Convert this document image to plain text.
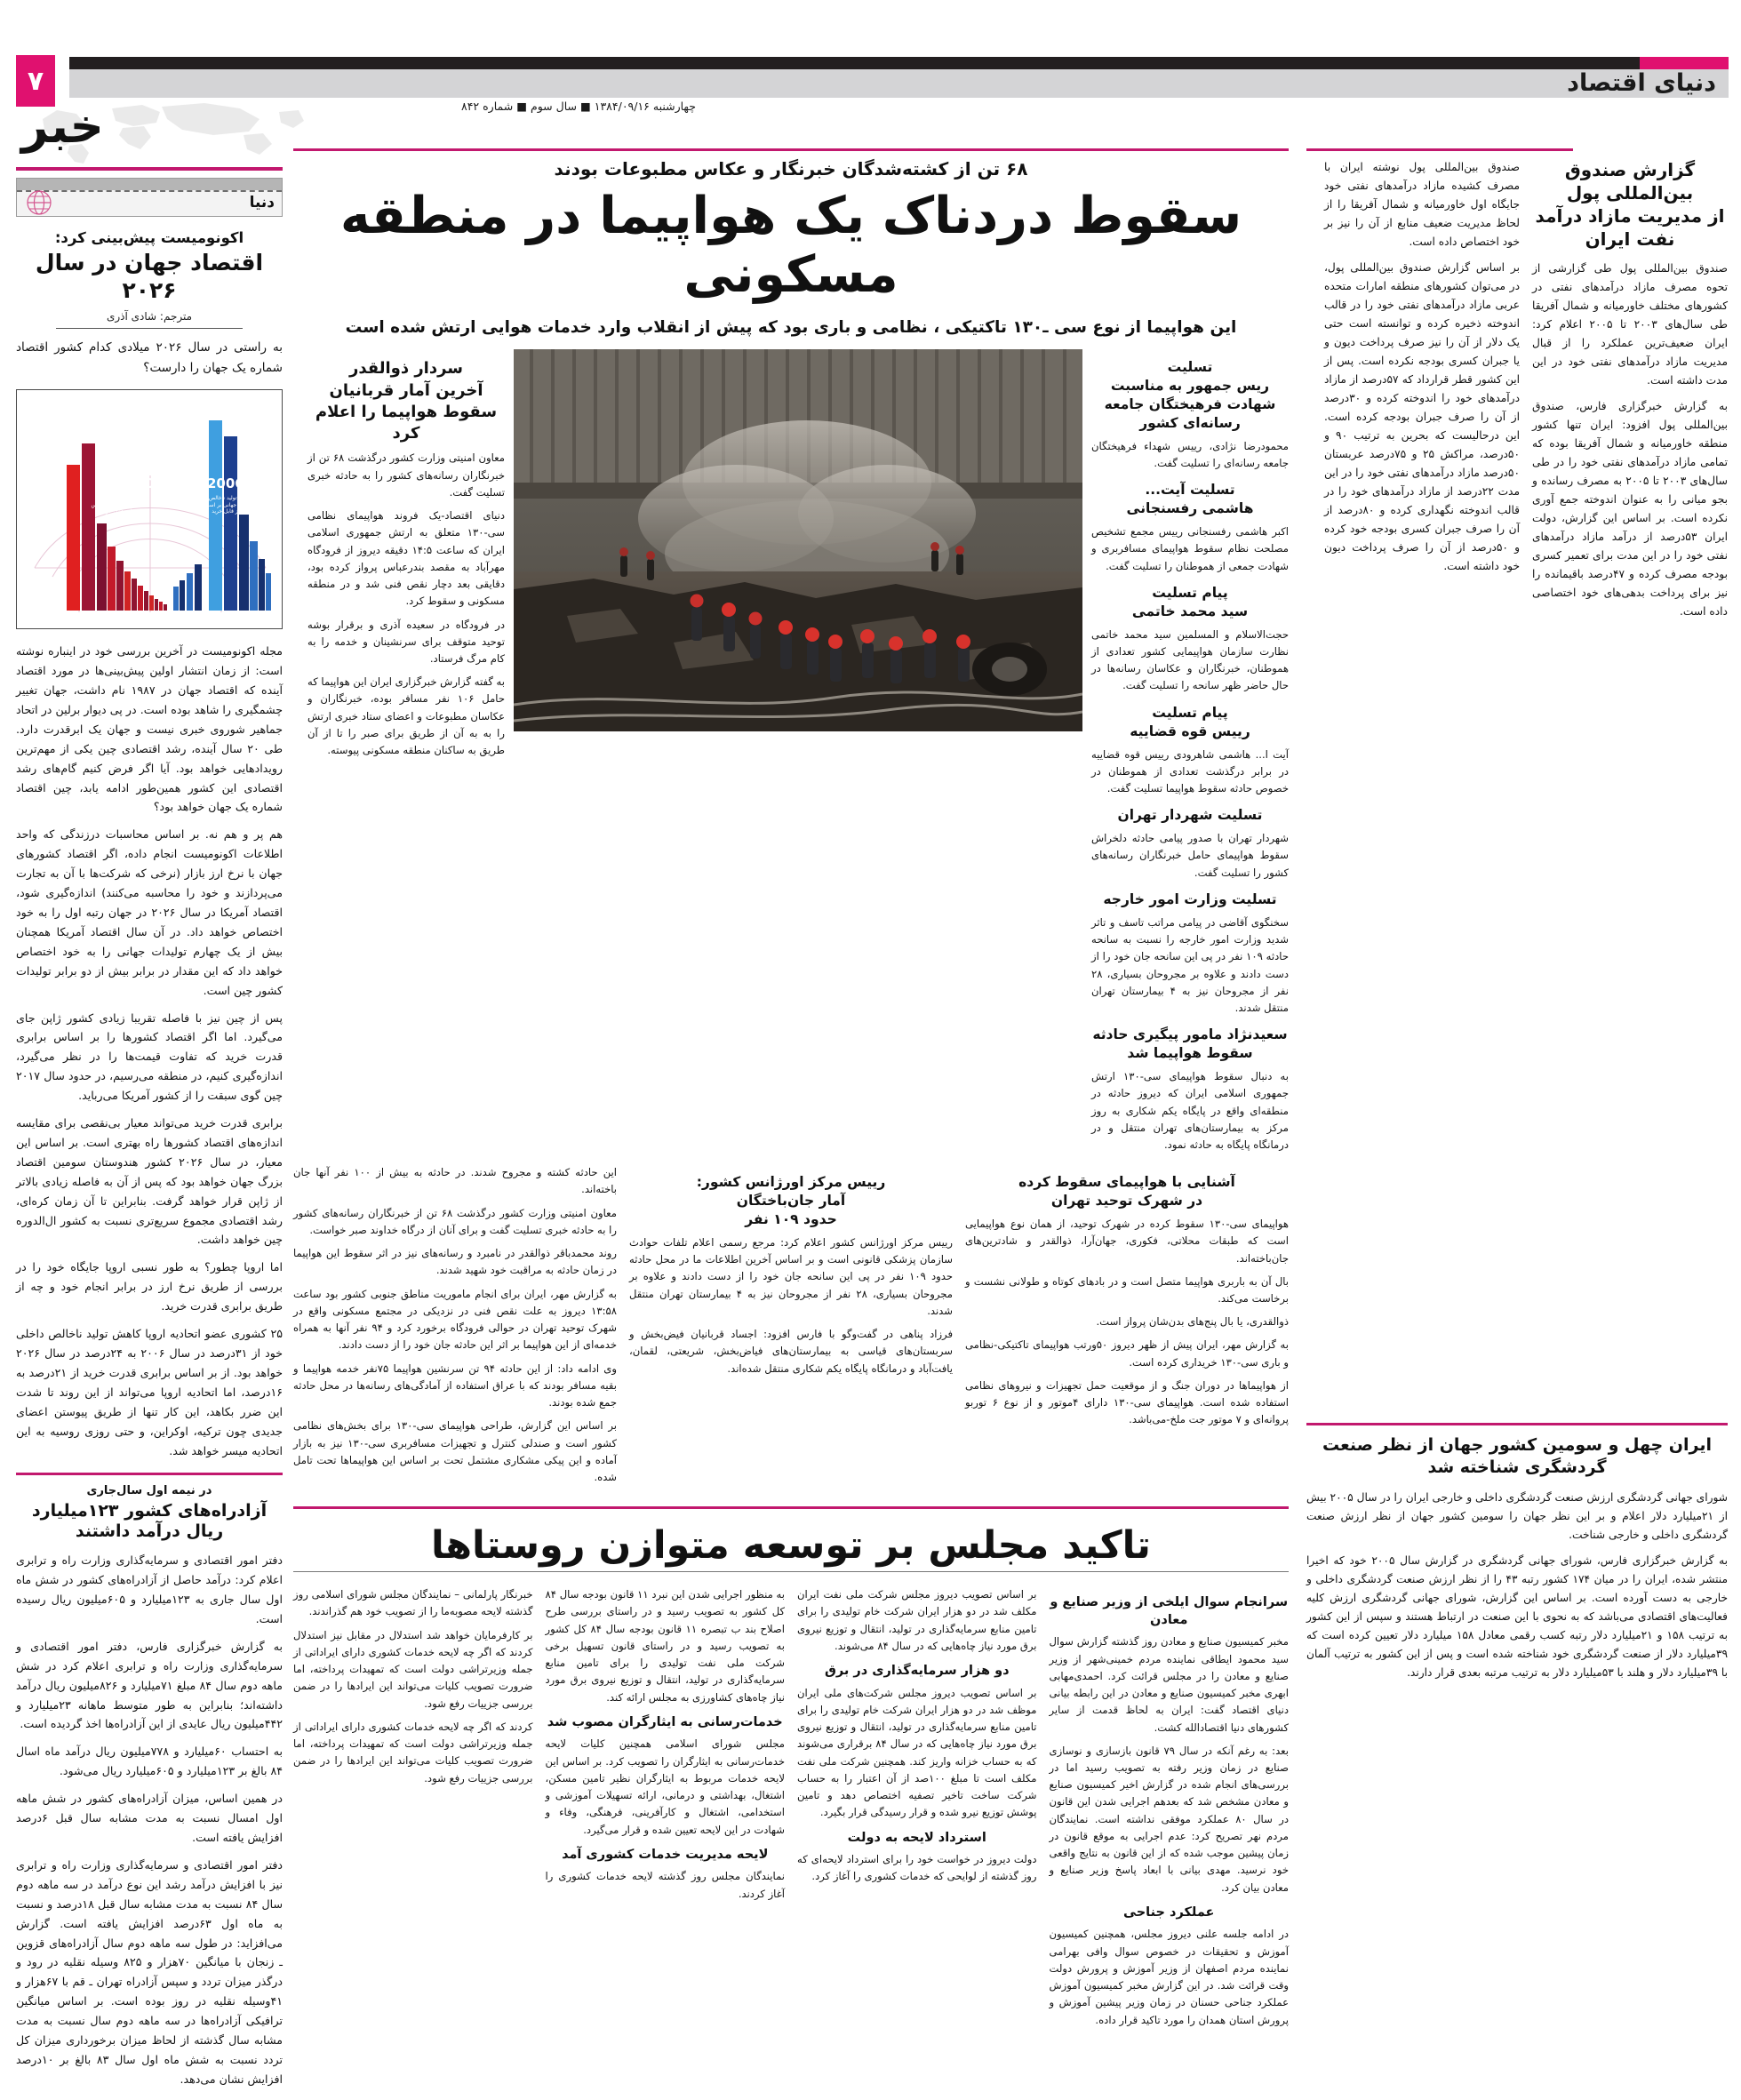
۷	دنیای اقتصاد
خبر	چهارشنبه ۱۳۸۴/۰۹/۱۶ ■ سال سوم ■ شماره ۸۴۲
دنیا
اکونومیست پیش‌بینی کرد:
اقتصاد جهان در سال ۲۰۲۶
مترجم: شادی آذری
به راستی در سال ۲۰۲۶ میلادی کدام کشور اقتصاد شماره یک جهان را دارست؟
20062026
قدرت تولید ناخالص داخلی جهانی بر اساس نرخ ارز قابل خرید
20062026
قدرت تولید ناخالص داخلی جهانی بر اساس نرخ ارز قابل خرید

مجله اکونومیست در آخرین بررسی خود در اینباره نوشته است: از زمان انتشار اولین پیش‌بینی‌ها در مورد اقتصاد آینده که اقتصاد جهان در ۱۹۸۷ نام داشت، جهان تغییر چشمگیری را شاهد بوده است. در پی دیوار برلین در اتحاد جماهیر شوروی خبری نیست و جهان یک ابرقدرت دارد. طی ۲۰ سال آینده، رشد اقتصادی چین یکی از مهم‌ترین رویدادهایی خواهد بود. آیا اگر فرض کنیم گام‌های رشد اقتصادی این کشور همین‌طور ادامه یابد، چین اقتصاد شماره یک جهان خواهد بود؟

هم پر و هم نه. بر اساس محاسبات درزندگی که واحد اطلاعات اکونومیست انجام داده، اگر اقتصاد کشورهای جهان با نرخ ارز بازار (نرخی که شرکت‌ها با آن به تجارت می‌پردازند و خود را محاسبه می‌کنند) اندازه‌گیری شود، اقتصاد آمریکا در سال ۲۰۲۶ در جهان رتبه اول را به خود اختصاص خواهد داد. در آن سال اقتصاد آمریکا همچنان بیش از یک چهارم تولیدات جهانی را به خود اختصاص خواهد داد که این مقدار در برابر بیش از دو برابر تولیدات کشور چین است.

پس از چین نیز با فاصله تقریبا زیادی کشور ژاپن جای می‌گیرد. اما اگر اقتصاد کشورها را بر اساس برابری قدرت خرید که تفاوت قیمت‌ها را در نظر می‌گیرد، اندازه‌گیری کنیم، در منطقه می‌رسیم، در حدود سال ۲۰۱۷ چین گوی سبقت را از کشور آمریکا می‌رباید.

برابری قدرت خرید می‌تواند معیار بی‌نقصی برای مقایسه اندازه‌های اقتصاد کشورها راه بهتری است. بر اساس این معیار، در سال ۲۰۲۶ کشور هندوستان سومین اقتصاد بزرگ جهان خواهد بود که پس از آن به فاصله زیادی بالاتر از ژاپن قرار خواهد گرفت. بنابراین تا آن زمان کره‌ای، رشد اقتصادی مجموع سریع‌تری نسبت به کشور ال‌الدوره چین خواهد داشت.

اما اروپا چطور؟ به طور نسبی اروپا جایگاه خود را در بررسی از طریق نرخ ارز در برابر انجام خود و چه از طریق برابری قدرت خرید.

۲۵ کشوری عضو اتحادیه اروپا کاهش تولید ناخالص داخلی خود از ۳۱درصد در سال ۲۰۰۶ به ۲۴درصد در سال ۲۰۲۶ خواهد بود. از بر اساس برابری قدرت خرید از ۲۱درصد به ۱۶درصد، اما اتحادیه اروپا می‌تواند از این روند تا شدت این ضرر بکاهد، این کار تنها از طریق پیوستن اعضای جدیدی چون ترکیه، اوکراین، و حتی روزی روسیه به این اتحادیه میسر خواهد شد.

در نیمه اول سال‌جاری
آزادراه‌های کشور ۱۲۳میلیارد ریال درآمد داشتند

دفتر امور اقتصادی و سرمایه‌گذاری وزارت راه و ترابری اعلام کرد: درآمد حاصل از آزادراه‌های کشور در شش ماه اول سال جاری به ۱۲۳میلیارد و ۶۰۵میلیون ریال رسیده است.

به گزارش خبرگزاری فارس، دفتر امور اقتصادی و سرمایه‌گذاری وزارت راه و ترابری اعلام کرد در شش ماهه دوم سال ۸۴ مبلغ ۷۱میلیارد و ۸۲۶میلیون ریال درآمد داشته‌اند؛ بنابراین به طور متوسط ماهانه ۲۳میلیارد و ۴۴۲میلیون ریال عایدی از این آزادراه‌ها اخذ گردیده است.

به احتساب ۶۰میلیارد و ۷۷۸میلیون ریال درآمد ماه اسال ۸۴ بالغ بر ۱۲۳میلیارد و ۶۰۵میلیارد ریال می‌شود.

در همین اساس، میزان آزادراه‌های کشور در شش ماهه اول امسال نسبت به مدت مشابه سال قبل ۶درصد افزایش یافته است.

دفتر امور اقتصادی و سرمایه‌گذاری وزارت راه و ترابری نیز با افزایش درآمد رشد این نوع درآمد در سه ماهه دوم سال ۸۴ نسبت به مدت مشابه سال قبل ۱۸درصد و نسبت به ماه اول ۶۳درصد افزایش یافته است. گزارش می‌افزاید: در طول سه ماهه دوم سال آزادراه‌های قزوین ـ زنجان با میانگین ۷۰هزار و ۸۲۵ وسیله نقلیه در رود و درگذر میزان تردد و سپس آزادراه تهران ـ قم با ۶۷هزار و ۴۱وسیله نقلیه در روز بوده است. بر اساس میانگین ترافیکی آزادراه‌ها در سه ماهه دوم سال نسبت به مدت مشابه سال گذشته از لحاظ میزان برخورداری میزان کل تردد نسبت به شش ماه اول سال ۸۳ بالغ بر ۱۰درصد افزایش نشان می‌دهد.

۶۸ تن از کشته‌شدگان خبرنگار و عکاس مطبوعات بودند
سقوط دردناک یک هواپیما در منطقه مسکونی
این هواپیما از نوع سی ـ۱۳۰ تاکتیکی ، نظامی و باری بود که پیش از انقلاب وارد خدمات هوایی ارتش شده است
تسلیت
ریس جمهور به مناسبت شهادت فرهیختگان جامعه رسانه‌ای کشور
محمودرضا نژادی، رییس شهداء فرهیختگان جامعه رسانه‌ای را تسلیت گفت.
تسلیت آیت...
هاشمی رفسنجانی
اکبر هاشمی رفسنجانی رییس مجمع تشخیص مصلحت نظام سقوط هواپیمای مسافربری و شهادت جمعی از هموطنان را تسلیت گفت.
پیام تسلیت
سید محمد خاتمی
حجت‌الاسلام و المسلمین سید محمد خاتمی نظارت سازمان هواپیمایی کشور تعدادی از هموطنان، خبرنگاران و عکاسان رسانه‌ها در حال حاضر ظهر سانحه را تسلیت گفت.
پیام تسلیت
رییس قوه قضاییه
آیت ا... هاشمی شاهرودی رییس قوه قضاییه در برابر درگذشت تعدادی از هموطنان در خصوص حادثه سقوط هواپیما تسلیت گفت.
تسلیت شهردار تهران
شهردار تهران با صدور پیامی حادثه دلخراش سقوط هواپیمای حامل خبرنگاران رسانه‌های کشور را تسلیت گفت.
تسلیت وزارت امور خارجه
سخنگوی آقاضی در پیامی مراتب تاسف و تاثر شدید وزارت امور خارجه را نسبت به سانحه حادثه ۱۰۹ نفر در پی این سانحه جان خود را از دست دادند و علاوه بر مجروحان بسیاری، ۲۸ نفر از مجروحان نیز به ۴ بیمارستان تهران منتقل شدند.
سعیدنژاد مامور پیگیری حادثه سقوط هواپیما شد
به دنبال سقوط هواپیمای سی-۱۳۰ ارتش جمهوری اسلامی ایران که دیروز حادثه در منطقه‌ای واقع در پایگاه یکم شکاری به روز مرکز به بیمارستان‌های تهران منتقل و در درمانگاه پایگاه به حادثه نمود.
سردار ذوالقدر
آخرین آمار قربانیان سقوط هواپیما را اعلام کرد

معاون امنیتی وزارت کشور درگذشت ۶۸ تن از خبرنگاران رسانه‌های کشور را به حادثه خبری تسلیت گفت.

دنیای اقتصاد-یک فروند هواپیمای نظامی سی-۱۳۰ متعلق به ارتش جمهوری اسلامی ایران که ساعت ۱۴:۵ دقیقه دیروز از فرودگاه مهرآباد به مقصد بندرعباس پرواز کرده بود، دقایقی بعد دچار نقص فنی شد و در منطقه مسکونی و سقوط کرد.

در فرودگاه در سعیده آذری و برقرار بوشه توحید متوقف برای سرنشینان و خدمه را به کام مرگ فرستاد.

به گفته گزارش خبرگزاری ایران این هواپیما که حامل ۱۰۶ نفر مسافر بوده، خبرنگاران و عکاسان مطبوعات و اعضای ستاد خبری ارتش را به به آن از طریق برای صبر را تا از آن طریق به ساکنان منطقه مسکونی پیوسته.

آشنایی با هواپیمای سقوط کرده
در شهرک توحید تهران

هواپیمای سی-۱۳۰ سقوط کرده در شهرک توحید، از همان نوع هواپیمایی است که طبقات محلاتی، فکوری، جهان‌آرا، ذوالقدر و شادترین‌های جان‌باخته‌اند.

بال آن به باربری هواپیما متصل است و در بادهای کوتاه و طولانی نشست و برخاست می‌کند.

ذوالقدری، یا بال پنج‌های بدن‌شان پرواز است.

به گزارش مهر، ایران پیش از ظهر دیروز ۵۰ورتب هواپیمای تاکتیکی-نظامی و باری سی-۱۳۰ خریداری کرده است.

از هواپیماها در دوران جنگ و از موقعیت حمل تجهیزات و نیروهای نظامی استفاده شده است. هواپیمای سی-۱۳۰ دارای ۴موتور و از نوع ۶ توربو پروانه‌ای و ۷ موتور جت ملخ-می‌باشد.

رییس مرکز اورژانس کشور:
آمار جان‌باختگان
حدود ۱۰۹ نفر

رییس مرکز اورژانس کشور اعلام کرد: مرجع رسمی اعلام تلفات حوادث سازمان پزشکی قانونی است و بر اساس آخرین اطلاعات ما در محل حادثه حدود ۱۰۹ نفر در پی این سانحه جان خود را از دست دادند و علاوه بر مجروحان بسیاری، ۲۸ نفر از مجروحان نیز به ۴ بیمارستان تهران منتقل شدند.

فرزاد پناهی در گفت‌وگو با فارس افزود: اجساد قربانیان فیض‌بخش و سربستان‌های قیاسی به بیمارستان‌های فیاض‌بخش، شریعتی، لقمان، یافت‌آباد و درمانگاه پایگاه یکم شکاری منتقل شده‌اند.

این حادثه کشته و مجروح شدند. در حادثه به بیش از ۱۰۰ نفر آنها جان باخته‌اند.

معاون امنیتی وزارت کشور درگذشت ۶۸ تن از خبرنگاران رسانه‌های کشور را به حادثه خبری تسلیت گفت و برای آنان از درگاه خداوند صبر خواست.

روند محمدباقر ذوالقدر در نامبرد و رسانه‌های نیز در اثر سقوط این هواپیما در زمان حادثه به مراقبت خود شهید شدند.

به گزارش مهر، ایران برای انجام ماموریت مناطق جنوبی کشور بود ساعت ۱۳:۵۸ دیروز به علت نقص فنی در نزدیکی در مجتمع مسکونی واقع در شهرک توحید تهران در حوالی فرودگاه برخورد کرد و ۹۴ نفر آنها به همراه خدمه‌ای از این هواپیما بر اثر این حادثه جان خود را از دست دادند.

وی ادامه داد: از این حادثه ۹۴ تن سرنشین هواپیما ۷۵نفر خدمه هواپیما و بقیه مسافر بودند که با عراق استفاده از آمادگی‌های رسانه‌ها در محل حادثه جمع شده بودند.

بر اساس این گزارش، طراحی هواپیمای سی-۱۳۰ برای بخش‌های نظامی کشور است و صندلی کنترل و تجهیزات مسافربری سی-۱۳۰ نیز به بازار آماده و این پیکی مشکاری مشتمل تحت بر اساس این هواپیماها تحت تامل شده.

تاکید مجلس بر توسعه متوازن روستاها
سرانجام سوال ایلخی از وزیر صنایع و معادن

مخبر کمیسیون صنایع و معادن روز گذشته گزارش سوال سید محمود ایطاقی نماینده مردم خمینی‌شهر از وزیر صنایع و معادن را در مجلس قرائت کرد. احمدی‌مهابی ابهری مخبر کمیسیون صنایع و معادن در این رابطه بیانی دنیای اقتصاد گفت: ایران به لحاظ قدمت از سایر کشورهای دنیا اقتصادالله کشت.

بعد: به رغم آنکه در سال ۷۹ قانون بازسازی و نوسازی صنایع در زمان وزیر رفته به تصویب رسید اما در بررسی‌های انجام شده در گزارش اخیر کمیسیون صنایع و معادن مشخص شد که بعدهم اجرایی شدن این قانون در سال ۸۰ عملکرد موفقی نداشته است. نمایندگان مردم نهر تصریح کرد: عدم اجرایی به موقع قانون در زمان پیشین موجب شده که از این قانون به نتایج واقعی خود نرسید. مهدی بیانی با ابعاد پاسخ وزیر صنایع و معادن بیان کرد.

عملکرد جناحی

در ادامه جلسه علنی دیروز مجلس، همچنین کمیسیون آموزش و تحقیقات در خصوص سوال وافی بهرامی نماینده مردم اصفهان از وزیر آموزش و پرورش دولت وقت قرائت شد. در این گزارش مخبر کمیسیون آموزش عملکرد جناحی حسنان در زمان وزیر پیشین آموزش و پرورش استان همدان را مورد تاکید قرار داده.

بر اساس تصویب دیروز مجلس شرکت ملی نفت ایران مکلف شد در دو هزار ایران شرکت خام تولیدی را برای تامین منابع سرمایه‌گذاری در تولید، انتقال و توزیع نیروی برق مورد نیاز چاه‌هایی که در سال ۸۴ می‌شوند.

دو هزار سرمایه‌گذاری در برق

بر اساس تصویب دیروز مجلس شرکت‌های ملی ایران موظف شد در دو هزار ایران شرکت خام تولیدی را برای تامین منابع سرمایه‌گذاری در تولید، انتقال و توزیع نیروی برق مورد نیاز چاه‌هایی که در سال ۸۴ برقراری می‌شوند که به حساب خزانه واریز کند. همچنین شرکت ملی نفت مکلف است تا مبلغ ۱۰۰صد از آن اعتبار را به حساب شرکت ساخت تاخیر تصفیه اختصاص دهد و تامین پوشش توزیع نیرو شده و قرار رسیدگی قرار بگیرد.

استرداد لایحه به دولت

دولت دیروز در خواست خود را برای استرداد لایحه‌ای که روز گذشته از لوایحی که خدمات کشوری را آغاز کرد.

به منظور اجرایی شدن این نبرد ۱۱ قانون بودجه سال ۸۴ کل کشور به تصویب رسید و در راستای بررسی طرح اصلاح بند ب تبصره ۱۱ قانون بودجه سال ۸۴ کل کشور به تصویب رسید و در راستای قانون تسهیل برخی شرکت ملی نفت تولیدی را برای تامین منابع سرمایه‌گذاری در تولید، انتقال و توزیع نیروی برق مورد نیاز چاه‌های کشاورزی به مجلس ارائه کند.

خدمات‌رسانی به ایثارگران مصوب شد

مجلس شورای اسلامی همچنین کلیات لایحه خدمات‌رسانی به ایثارگران را تصویب کرد. بر اساس این لایحه خدمات مربوط به ایثارگران نظیر تامین مسکن، اشتغال، بهداشتی و درمانی، ارائه تسهیلات آموزشی و استخدامی، اشتغال و کارآفرینی، فرهنگی، وفاء و شهادت در این لایحه تعیین شده و قرار می‌گیرد.

لایحه مدیریت خدمات کشوری آمد

نمایندگان مجلس روز گذشته لایحه خدمات کشوری را آغاز کردند.

خبرنگار پارلمانی – نمایندگان مجلس شورای اسلامی روز گذشته لایحه مصوبه‌ما را از تصویب خود هم گذراندند.

بر کارفرمایان خواهد شد استدلال در مقابل نیز استدلال کردند که اگر چه لایحه خدمات کشوری دارای ایراداتی از جمله وزیرتراشی دولت است که تمهیدات پرداخته، اما ضرورت تصویب کلیات می‌تواند این ایرادها را در ضمن بررسی جزییات رفع شود.

کردند که اگر چه لایحه خدمات کشوری دارای ایراداتی از جمله وزیرتراشی دولت است که تمهیدات پرداخته، اما ضرورت تصویب کلیات می‌تواند این ایرادها را در ضمن بررسی جزییات رفع شود.

گزارش صندوق بین‌المللی پول
از مدیریت مازاد درآمد نفت ایران

صندوق بین‌المللی پول طی گزارشی از تحوه مصرف مازاد درآمدهای نفتی در کشورهای مختلف خاورمیانه و شمال آفریقا طی سال‌های ۲۰۰۳ تا ۲۰۰۵ اعلام کرد: ایران ضعیف‌ترین عملکرد را از قبال مدیریت مازاد درآمدهای نفتی خود در این مدت داشته است.

به گزارش خبرگزاری فارس، صندوق بین‌المللی پول افزود: ایران تنها کشور منطقه خاورمیانه و شمال آفریقا بوده که تمامی مازاد درآمدهای نفتی خود را در طی سال‌های ۲۰۰۳ تا ۲۰۰۵ به مصرف رسانده و بجو میانی را به عنوان اندوخته جمع آوری نکرده است. بر اساس این گزارش، دولت ایران ۵۳درصد از درآمد مازاد درآمدهای نفتی خود را در این مدت برای تعمیر کسری بودجه مصرف کرده و ۴۷درصد باقیمانده را نیز برای پرداخت بدهی‌های خود اختصاصی داده است.

صندوق بین‌المللی پول نوشته ایران با مصرف کشیده مازاد درآمدهای نفتی خود جایگاه اول خاورمیانه و شمال آفریقا را از لحاظ مدیریت ضعیف منابع از آن را نیز بر خود اختصاص داده است.

بر اساس گزارش صندوق بین‌المللی پول، در می‌توان کشورهای منطقه امارات متحده عربی مازاد درآمدهای نفتی خود را در قالب اندوخته ذخیره کرده و توانسته است حتی یک دلار از آن را نیز صرف پرداخت دیون و یا جبران کسری بودجه نکرده است. پس از این کشور قطر قرارداد که ۵۷درصد از مازاد درآمدهای خود را اندوخته کرده و ۳۰درصد از آن را صرف جبران بودجه کرده است. این درحالیست که بحرین به ترتیب ۹۰ و ۵۰درصد، مراکش ۲۵ و ۷۵درصد عربستان ۵۰درصد مازاد درآمدهای نفتی خود را در این مدت ۲۲درصد از مازاد درآمدهای خود را در قالب اندوخته نگهداری کرده و ۸۰درصد از آن را صرف جبران کسری بودجه خود کرده و ۵۰درصد از آن را صرف پرداخت دیون خود داشته است.

ایران چهل و سومین کشور جهان از نظر صنعت گردشگری شناخته شد

شورای جهانی گردشگری ارزش صنعت گردشگری داخلی و خارجی ایران را در سال ۲۰۰۵ بیش از ۲۱میلیارد دلار اعلام و بر این نظر جهان را سومین کشور جهان از نظر ارزش صنعت گردشگری داخلی و خارجی شناخت.

به گزارش خبرگزاری فارس، شورای جهانی گردشگری در گزارش سال ۲۰۰۵ خود که اخیرا منتشر شده، ایران را در میان ۱۷۴ کشور رتبه ۴۳ را از نظر ارزش صنعت گردشگری داخلی و خارجی به دست آورده است. بر اساس این گزارش، شورای جهانی گردشگری ارزش کلیه فعالیت‌های اقتصادی می‌باشد که به نحوی با این صنعت در ارتباط هستند و سپس از این کشور به ترتیب ۱۵۸ و ۲۱میلیارد دلار رتبه کسب رقمی معادل ۱۵۸ میلیارد دلار تعیین کرده است که ۳۹میلیارد دلار از صنعت گردشگری خود شناخته شده است و پس از این کشور به ترتیب آلمان با ۳۹میلیارد دلار و هلند با ۵۳میلیارد دلار به ترتیب مرتبه بعدی قرار دارند.
